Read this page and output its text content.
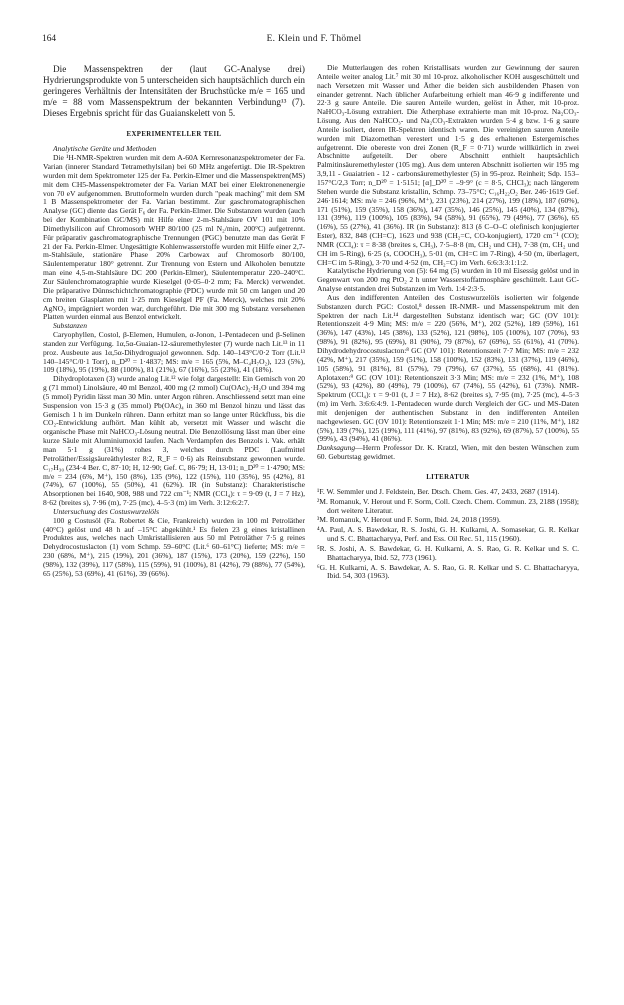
164	E. Klein und F. Thömel

Die Massenspektren der (laut GC-Analyse drei) Hydrierungsprodukte von 5 unterscheiden sich hauptsächlich durch ein geringeres Verhältnis der Intensitäten der Bruchstücke m/e = 165 und m/e = 88 vom Massenspektrum der bekannten Verbindung¹³ (7). Dieses Ergebnis spricht für das Guaianskelett von 5.

EXPERIMENTELLER TEIL

Analytische Geräte und Methoden

Die ¹H-NMR-Spektren wurden mit dem A-60A Kernresonanzspektrometer der Fa. Varian (innerer Standard Tetramethylsilan) bei 60 MHz angefertigt. Die IR-Spektren wurden mit dem Spektrometer 125 der Fa. Perkin-Elmer und die Massenspektren(MS) mit dem CH5-Massenspektrometer der Fa. Varian MAT bei einer Elektronenenergie von 70 eV aufgenommen. Bruttoformeln wurden durch "peak maching" mit dem SM 1 B Massenspektrometer der Fa. Varian bestimmt. Zur gaschromatographischen Analyse (GC) diente das Gerät F₆ der Fa. Perkin-Elmer. Die Substanzen wurden (auch bei der Kombination GC/MS) mit Hilfe einer 2-m-Stahlsäure OV 101 mit 10% Dimethylsilicon auf Chromosorb WHP 80/100 (25 ml N₂/min, 200°C) aufgetrennt. Für präparativ gaschromatographische Trennungen (PGC) benutzte man das Gerät F 21 der Fa. Perkin-Elmer. Ungesättigte Kohlenwasserstoffe wurden mit Hilfe einer 2,7-m-Stahlsäule, stationäre Phase 20% Carbowax auf Chromosorb 80/100, Säulentemperatur 180° getrennt. Zur Trennung von Estern und Alkoholen benutzte man eine 4,5-m-Stahlsäure DC 200 (Perkin-Elmer), Säulentemperatur 220–240°C. Zur Säulenchromatographie wurde Kieselgel (0·05–0·2 mm; Fa. Merck) verwendet. Die präparative Dünnschichtchromatographie (PDC) wurde mit 50 cm langen und 20 cm breiten Glasplatten mit 1·25 mm Kieselgel PF (Fa. Merck), welches mit 20% AgNO₃ imprägniert worden war, durchgeführt. Die mit 300 mg Substanz versehenen Platten wurden einmal aus Benzol entwickelt.

Substanzen

Caryophyllen, Costol, β-Elemen, Humulen, α-Jonon, 1-Pentadecen und β-Selinen standen zur Verfügung. 1α,5α-Guaian-12-säuremethylester (7) wurde nach Lit.¹³ in 11 proz. Ausbeute aus 1α,5α-Dihydroguajol gewonnen. Sdp. 140–143°C/0·2 Torr (Lit.¹³ 140–145°C/0·1 Torr), n_D²⁰ = 1·4837; MS: m/e = 165 (5%, M–C₄H₇O₂), 123 (5%), 109 (18%), 95 (19%), 88 (100%), 81 (21%), 67 (16%), 55 (23%), 41 (18%).

Dihydroplotaxen (3) wurde analog Lit.¹² wie folgt dargestellt: Ein Gemisch von 20 g (71 mmol) Linolsäure, 40 ml Benzol, 400 mg (2 mmol) Cu(OAc)₂·H₂O und 394 mg (5 mmol) Pyridin lässt man 30 Min. unter Argon rühren. Anschliessend setzt man eine Suspension von 15·3 g (35 mmol) Pb(OAc)₄ in 360 ml Benzol hinzu und lässt das Gemisch 1 h im Dunkeln rühren. Dann erhitzt man so lange unter Rückfluss, bis die CO₂-Entwicklung aufhört. Man kühlt ab, versetzt mit Wasser und wäscht die organische Phase mit NaHCO₃-Lösung neutral. Die Benzollösung lässt man über eine kurze Säule mit Aluminiumoxid laufen. Nach Verdampfen des Benzols i. Vak. erhält man 5·1 g (31%) rohes 3, welches durch PDC (Laufmittel Petroläther/Essigsäureäthylester 8:2, R_F = 0·6) als Reinsubstanz gewonnen wurde. C₁₇H₃₀ (234·4 Ber. C, 87·10; H, 12·90; Gef. C, 86·79; H, 13·01; n_D²⁰ = 1·4790; MS: m/e = 234 (6%, M⁺), 150 (8%), 135 (9%), 122 (15%), 110 (35%), 95 (42%), 81 (74%), 67 (100%), 55 (50%), 41 (62%). IR (in Substanz): Charakteristische Absorptionen bei 1640, 908, 988 und 722 cm⁻¹; NMR (CCl₄): τ = 9·09 (t, J = 7 Hz), 8·62 (breites s), 7·96 (m), 7·25 (mc), 4–5·3 (m) im Verh. 3:12:6:2:7.

Untersuchung des Costuswurzelöls

100 g Costusöl (Fa. Robertet & Cie, Frankreich) wurden in 100 ml Petroläther (40°C) gelöst und 48 h auf –15°C abgekühlt.¹ Es fielen 23 g eines kristallinen Produktes aus, welches nach Umkristallisieren aus 50 ml Petroläther 7·5 g reines Dehydrocostuslacton (1) vom Schmp. 59–60°C (Lit.⁶ 60–61°C) lieferte; MS: m/e = 230 (68%, M⁺), 215 (19%), 201 (36%), 187 (15%), 173 (20%), 159 (22%), 150 (98%), 132 (39%), 117 (58%), 115 (59%), 91 (100%), 81 (42%), 79 (88%), 77 (54%), 65 (25%), 53 (69%), 41 (61%), 39 (66%).

Die Mutterlaugen des rohen Kristallisats wurden zur Gewinnung der sauren Anteile weiter analog Lit.⁷ mit 30 ml 10-proz. alkoholischer KOH ausgeschüttelt und nach Versetzen mit Wasser und Äther die beiden sich ausbildenden Phasen von einander getrennt. Nach üblicher Aufarbeitung erhielt man 46·9 g indifferente und 22·3 g saure Anteile. Die sauren Anteile wurden, gelöst in Äther, mit 10-proz. NaHCO₃-Lösung extrahiert. Die Ätherphase extrahierte man mit 10-proz. Na₂CO₃-Lösung. Aus den NaHCO₃- und Na₂CO₃-Extrakten wurden 5·4 g bzw. 1·6 g saure Anteile isoliert, deren IR-Spektren identisch waren. Die vereinigten sauren Anteile wurden mit Diazomethan verestert und 1·5 g des erhaltenen Estergemisches aufgetrennt. Die obereste von drei Zonen (R_F = 0·71) wurde willkürlich in zwei Abschnitte aufgeteilt. Der obere Abschnitt enthielt hauptsächlich Palmitinsäuremethylester (105 mg). Aus dem unteren Abschnitt isolierten wir 195 mg 3,9,11 - Guaiatrien - 12 - carbonsäuremethylester (5) in 95-proz. Reinheit; Sdp. 153–157°C/2,3 Torr; n_D²⁰ = 1·5151; [α]_D²⁰ = –9·9° (c = 8·5, CHCl₃); nach längerem Stehen wurde die Substanz kristallin, Schmp. 73–75°C; C₁₆H₂₂O₂ Ber. 246·1619 Gef. 246·1614; MS: m/e = 246 (96%, M⁺), 231 (23%), 214 (27%), 199 (18%), 187 (60%), 171 (51%), 159 (35%), 158 (36%), 147 (35%), 146 (25%), 145 (40%), 134 (87%), 131 (39%), 119 (100%), 105 (83%), 94 (58%), 91 (65%), 79 (49%), 77 (36%), 65 (16%), 55 (27%), 41 (36%). IR (in Substanz): 813 (δ C–O–C olefinisch konjugierter Ester), 832, 848 (CH=C), 1623 und 938 (CH₂=C, CO-konjugiert), 1720 cm⁻¹ (CO); NMR (CCl₄): τ = 8·38 (breites s, CH₃), 7·5–8·8 (m, CH₂ und CH), 7·38 (m, CH₂ und CH im 5-Ring), 6·25 (s, COOCH₃), 5·01 (m, CH=C im 7-Ring), 4·50 (m, überlagert, CH=C im 5-Ring), 3·70 und 4·52 (m, CH₂=C) im Verh. 6:6:3:3:1:1:2.

Katalytische Hydrierung von (5): 64 mg (5) wurden in 10 ml Eisessig gelöst und in Gegenwart von 200 mg PtO₂ 2 h unter Wasserstoffatmosphäre geschüttelt. Laut GC-Analyse entstanden drei Substanzen im Verh. 1:4·2:3·5.

Aus den indifferenten Anteilen des Costuswurzelöls isolierten wir folgende Substanzen durch PGC: Costol,⁸ dessen IR-NMR- und Massenspektrum mit den Spektren der nach Lit.¹⁴ dargestellten Substanz identisch war; GC (OV 101): Retentionszeit 4·9 Min; MS: m/e = 220 (56%, M⁺), 202 (52%), 189 (59%), 161 (36%), 147 (43%), 145 (38%), 133 (52%), 121 (98%), 105 (100%), 107 (70%), 93 (98%), 91 (82%), 95 (69%), 81 (90%), 79 (87%), 67 (69%), 55 (61%), 41 (70%). Dihydrodehydrocostuslacton:⁸ GC (OV 101): Retentionszeit 7·7 Min; MS: m/e = 232 (42%, M⁺), 217 (35%), 159 (51%), 158 (100%), 152 (83%), 131 (37%), 119 (46%), 105 (58%), 91 (81%), 81 (57%), 79 (79%), 67 (37%), 55 (68%), 41 (81%). Aplotaxen:⁹ GC (OV 101): Retentionszeit 3·3 Min; MS: m/e = 232 (1%, M⁺), 108 (52%), 93 (42%), 80 (49%), 79 (100%), 67 (74%), 55 (42%), 61 (73%). NMR-Spektrum (CCl₄): τ = 9·01 (t, J = 7 Hz), 8·62 (breites s), 7·95 (m), 7·25 (mc), 4–5·3 (m) im Verh. 3:6:6:4:9. 1-Pentadecen wurde durch Vergleich der GC- und MS-Daten mit denjenigen der authentischen Substanz in den indifferenten Anteilen nachgewiesen. GC (OV 101): Retentionszeit 1·1 Min; MS: m/e = 210 (11%, M⁺), 182 (5%), 139 (7%), 125 (19%), 111 (41%), 97 (81%), 83 (92%), 69 (87%), 57 (100%), 55 (99%), 43 (94%), 41 (86%).

Danksagung—Herrn Professor Dr. K. Kratzl, Wien, mit den besten Wünschen zum 60. Geburtstag gewidmet.

LITERATUR
¹F. W. Semmler und J. Feldstein, Ber. Dtsch. Chem. Ges. 47, 2433, 2687 (1914).
²M. Romanuk, V. Herout und F. Sorm, Coll. Czech. Chem. Commun. 23, 2188 (1958); dort weitere Literatur.
³M. Romanuk, V. Herout und F. Sorm, Ibid. 24, 2018 (1959).
⁴A. Paul, A. S. Bawdekar, R. S. Joshi, G. H. Kulkarni, A. Somasekar, G. R. Kelkar und S. C. Bhattacharyya, Perf. and Ess. Oil Rec. 51, 115 (1960).
⁵R. S. Joshi, A. S. Bawdekar, G. H. Kulkarni, A. S. Rao, G. R. Kelkar und S. C. Bhattacharyya, Ibid. 52, 773 (1961).
⁶G. H. Kulkarni, A. S. Bawdekar, A. S. Rao, G. R. Kelkar und S. C. Bhattacharyya, Ibid. 54, 303 (1963).
